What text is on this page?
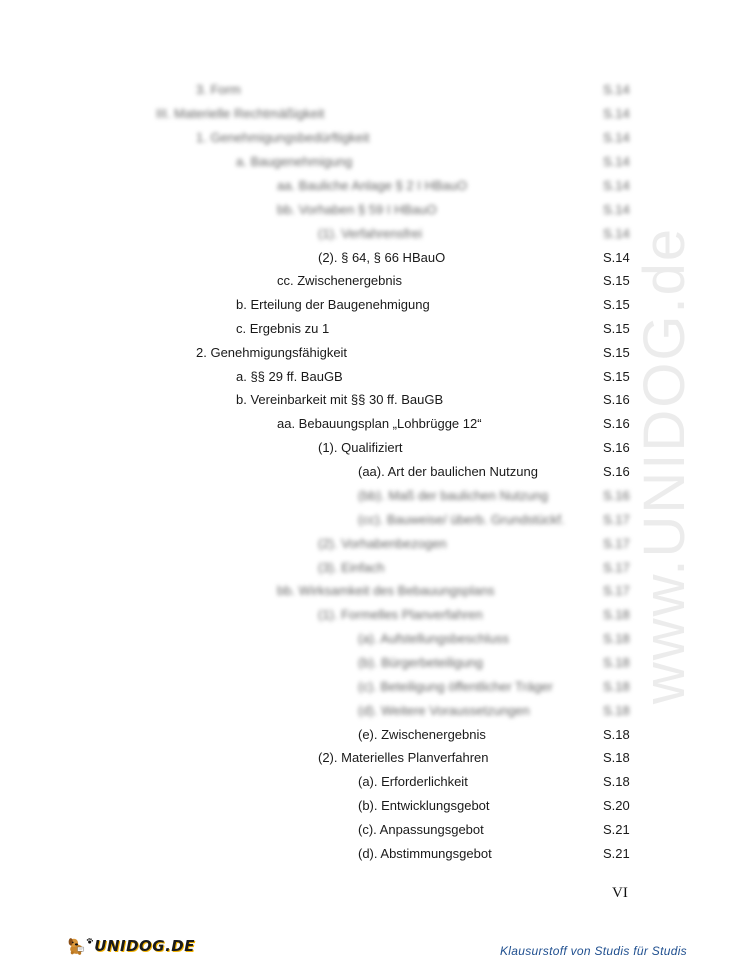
3. Form	S.14
III. Materielle Rechtmäßigkeit	S.14
1. Genehmigungsbedürftigkeit	S.14
a. Baugenehmigung	S.14
aa. Bauliche Anlage § 2 I HBauO	S.14
bb. Vorhaben § 59 I HBauO	S.14
(1). Verfahrensfrei	S.14
(2). § 64, § 66 HBauO	S.14
cc. Zwischenergebnis	S.15
b. Erteilung der Baugenehmigung	S.15
c. Ergebnis zu 1	S.15
2. Genehmigungsfähigkeit	S.15
a. §§ 29 ff. BauGB	S.15
b. Vereinbarkeit mit §§ 30 ff. BauGB	S.16
aa. Bebauungsplan „Lohbrügge 12“	S.16
(1). Qualifiziert	S.16
(aa). Art der baulichen Nutzung	S.16
(bb). Maß der baulichen Nutzung	S.16
(cc). Bauweise/ überb. Grundstückf.	S.17
(2). Vorhabenbezogen	S.17
(3). Einfach	S.17
bb. Wirksamkeit des Bebauungsplans	S.17
(1). Formelles Planverfahren	S.18
(a). Aufstellungsbeschluss	S.18
(b). Bürgerbeteiligung	S.18
(c). Beteiligung öffentlicher Träger	S.18
(d). Weitere Voraussetzungen	S.18
(e). Zwischenergebnis	S.18
(2). Materielles Planverfahren	S.18
(a). Erforderlichkeit	S.18
(b). Entwicklungsgebot	S.20
(c). Anpassungsgebot	S.21
(d). Abstimmungsgebot	S.21
www.UNIDOG.de
VI
UNIDOG.DE	Klausurstoff von Studis für Studis
